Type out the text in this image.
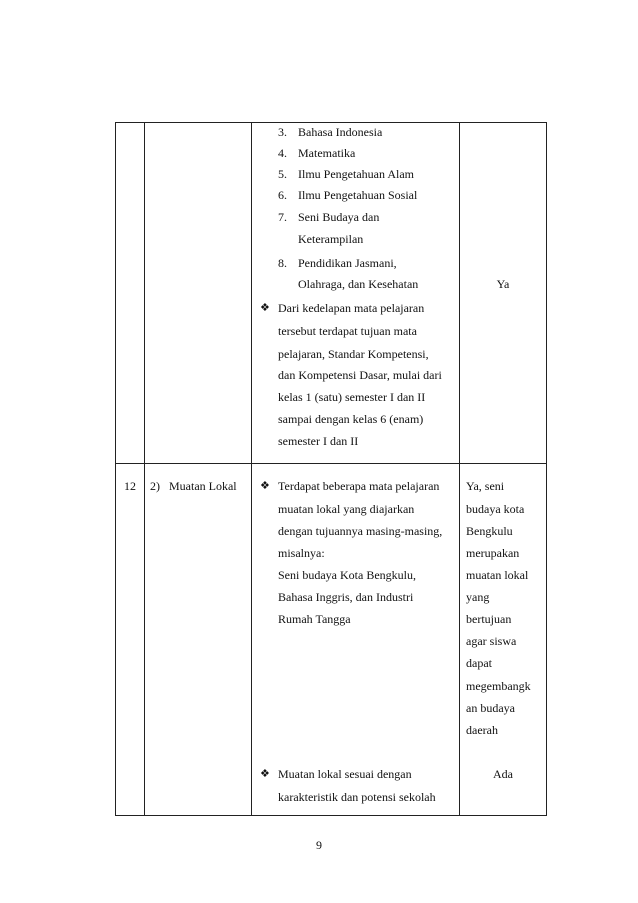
3. Bahasa Indonesia
4. Matematika
5. Ilmu Pengetahuan Alam
6. Ilmu Pengetahuan Sosial
7. Seni Budaya dan
Keterampilan
8. Pendidikan Jasmani,
Olahraga, dan Kesehatan
❖ Dari kedelapan mata pelajaran
tersebut terdapat tujuan mata
pelajaran, Standar Kompetensi,
dan Kompetensi Dasar, mulai dari
kelas 1 (satu) semester I dan II
sampai dengan kelas 6 (enam)
semester I dan II
Ya
12	2)   Muatan Lokal ❖ Terdapat beberapa mata pelajaran
muatan lokal yang diajarkan
dengan tujuannya masing-masing,
misalnya:
Seni budaya Kota Bengkulu,
Bahasa Inggris, dan Industri
Rumah Tangga
Ya, seni
budaya kota
Bengkulu
merupakan
muatan lokal
yang
bertujuan
agar siswa
dapat
megembangk
an budaya
daerah
❖ Muatan lokal sesuai dengan
karakteristik dan potensi sekolah
Ada
9
